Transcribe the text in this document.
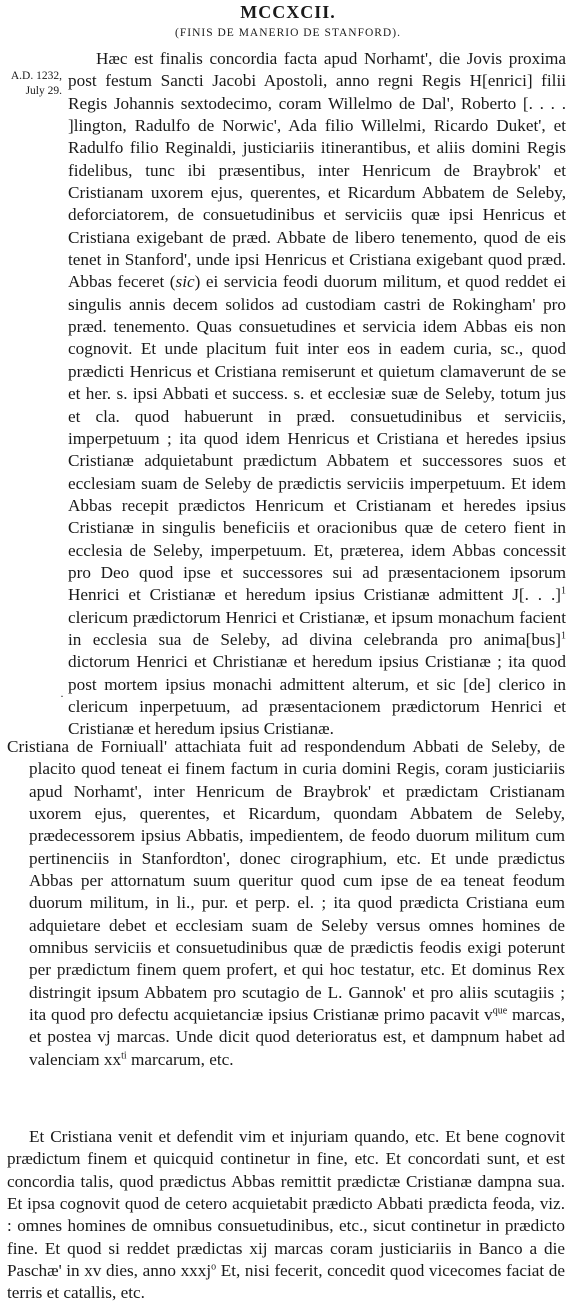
MCCXCII.
(FINIS DE MANERIO DE STANFORD).
A.D. 1232,
July 29.
·

Hæc est finalis concordia facta apud Norhamt', die Jovis proxima post festum Sancti Jacobi Apostoli, anno regni Regis H[enrici] filii Regis Johannis sextodecimo, coram Willelmo de Dal', Roberto [. . . . ]lington, Radulfo de Norwic', Ada filio Willelmi, Ricardo Duket', et Radulfo filio Reginaldi, justiciariis itinerantibus, et aliis domini Regis fidelibus, tunc ibi præsentibus, inter Henricum de Braybrok' et Cristianam uxorem ejus, querentes, et Ricardum Abbatem de Seleby, deforciatorem, de consuetudinibus et serviciis quæ ipsi Henricus et Cristiana exigebant de præd. Abbate de libero tenemento, quod de eis tenet in Stanford', unde ipsi Henricus et Cristiana exigebant quod præd. Abbas feceret (sic) ei servicia feodi duorum militum, et quod reddet ei singulis annis decem solidos ad custodiam castri de Rokingham' pro præd. tenemento. Quas consuetudines et servicia idem Abbas eis non cognovit. Et unde placitum fuit inter eos in eadem curia, sc., quod prædicti Henricus et Cristiana remiserunt et quietum clamaverunt de se et her. s. ipsi Abbati et success. s. et ecclesiæ suæ de Seleby, totum jus et cla. quod habuerunt in præd. consuetudinibus et serviciis, imperpetuum ; ita quod idem Henricus et Cristiana et heredes ipsius Cristianæ adquietabunt prædictum Abbatem et successores suos et ecclesiam suam de Seleby de prædictis serviciis imperpetuum. Et idem Abbas recepit prædictos Henricum et Cristianam et heredes ipsius Cristianæ in singulis beneficiis et oracionibus quæ de cetero fient in ecclesia de Seleby, imperpetuum. Et, præterea, idem Abbas concessit pro Deo quod ipse et successores sui ad præsentacionem ipsorum Henrici et Cristianæ et heredum ipsius Cristianæ admittent J[. . .]$^1$ clericum prædictorum Henrici et Cristianæ, et ipsum monachum facient in ecclesia sua de Seleby, ad divina celebranda pro anima[bus]$^1$ dictorum Henrici et Christianæ et heredum ipsius Cristianæ ; ita quod post mortem ipsius monachi admittent alterum, et sic [de] clerico in clericum inperpetuum, ad præsentacionem prædictorum Henrici et Cristianæ et heredum ipsius Cristianæ.

Cristiana de Forniuall' attachiata fuit ad respondendum Abbati de Seleby, de placito quod teneat ei finem factum in curia domini Regis, coram justiciariis apud Norhamt', inter Henricum de Braybrok' et prædictam Cristianam uxorem ejus, querentes, et Ricardum, quondam Abbatem de Seleby, prædecessorem ipsius Abbatis, impedientem, de feodo duorum militum cum pertinenciis in Stanfordton', donec cirographium, etc. Et unde prædictus Abbas per attornatum suum queritur quod cum ipse de ea teneat feodum duorum militum, in li., pur. et perp. el. ; ita quod prædicta Cristiana eum adquietare debet et ecclesiam suam de Seleby versus omnes homines de omnibus serviciis et consuetudinibus quæ de prædictis feodis exigi poterunt per prædictum finem quem profert, et qui hoc testatur, etc. Et dominus Rex distringit ipsum Abbatem pro scutagio de L. Gannok' et pro aliis scutagiis ; ita quod pro defectu acquietanciæ ipsius Cristianæ primo pacavit $v^{que}$ marcas, et postea vj marcas. Unde dicit quod deterioratus est, et dampnum habet ad valenciam $xx^{ti}$ marcarum, etc.

Et Cristiana venit et defendit vim et injuriam quando, etc. Et bene cognovit prædictum finem et quicquid continetur in fine, etc. Et concordati sunt, et est concordia talis, quod prædictus Abbas remittit prædictæ Cristianæ dampna sua. Et ipsa cognovit quod de cetero acquietabit prædicto Abbati prædicta feoda, viz. : omnes homines de omnibus consuetudinibus, etc., sicut continetur in prædicto fine. Et quod si reddet prædictas xij marcas coram justiciariis in Banco a die Paschæ' in xv dies, anno xxxj$^o$ Et, nisi fecerit, concedit quod vicecomes faciat de terris et catallis, etc.
